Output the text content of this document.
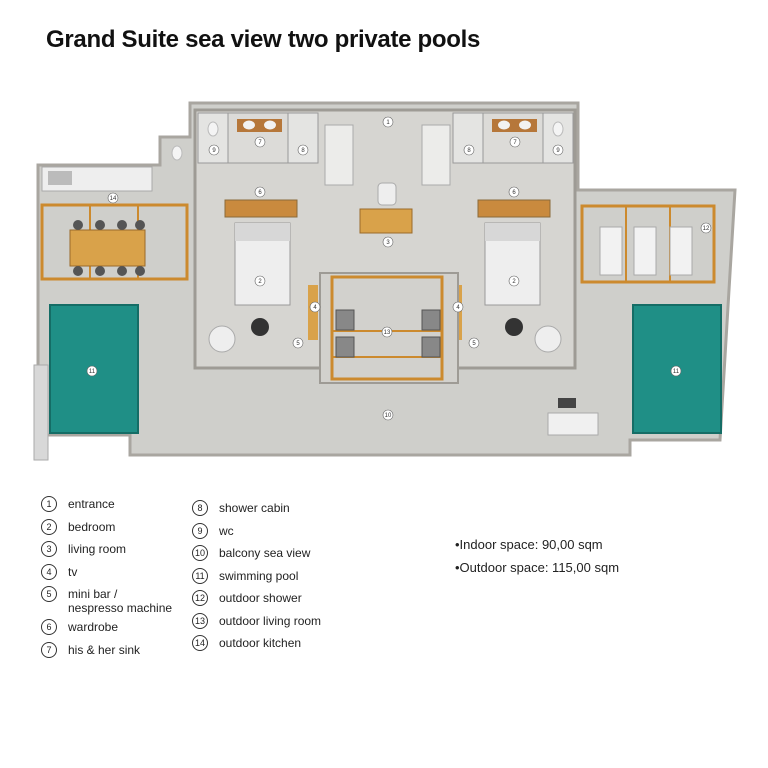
Grand Suite sea view two private pools
1
2	2
3
4	4
5	5
6	6
7	7
8	8
9	9
10
11	11
12
13
14
1	entrance
2	bedroom
3	living room
4	tv
5	mini bar /
nespresso machine
6	wardrobe
7	his & her sink
8	shower cabin
9	wc
10 balcony sea view
11 swimming pool
12 outdoor shower
13 outdoor living room
14 outdoor kitchen
•Indoor space: 90,00 sqm
•Outdoor space: 115,00 sqm
